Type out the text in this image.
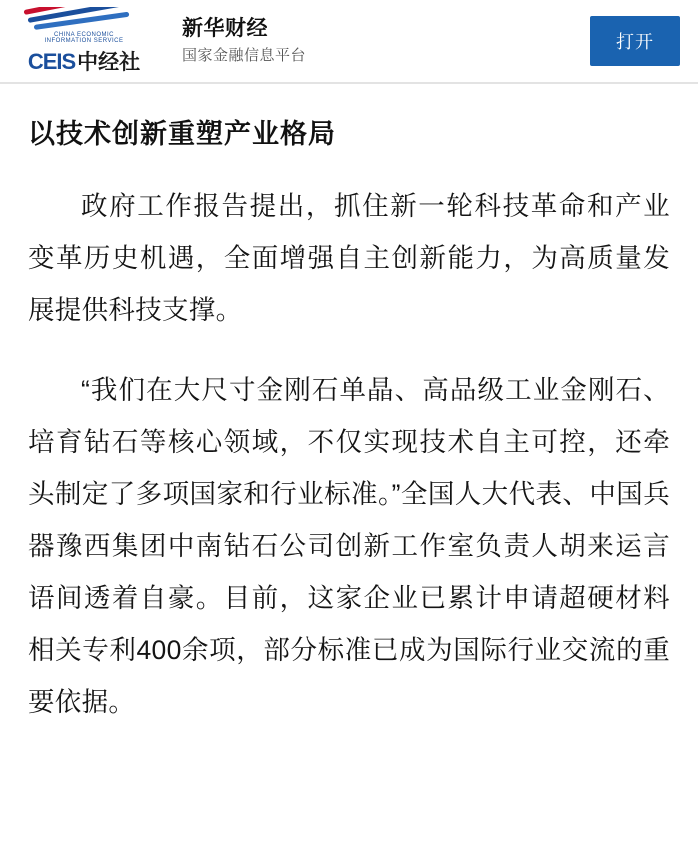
CHINA ECONOMIC
INFORMATION SERVICE
CEIS 中经社
新华财经
国家金融信息平台
打开
以技术创新重塑产业格局

政府工作报告提出，抓住新一轮科技革命和产业变革历史机遇，全面增强自主创新能力，为高质量发展提供科技支撑。

“我们在大尺寸金刚石单晶、高品级工业金刚石、培育钻石等核心领域，不仅实现技术自主可控，还牵头制定了多项国家和行业标准。”全国人大代表、中国兵器豫西集团中南钻石公司创新工作室负责人胡来运言语间透着自豪。目前，这家企业已累计申请超硬材料相关专利400余项，部分标准已成为国际行业交流的重要依据。
